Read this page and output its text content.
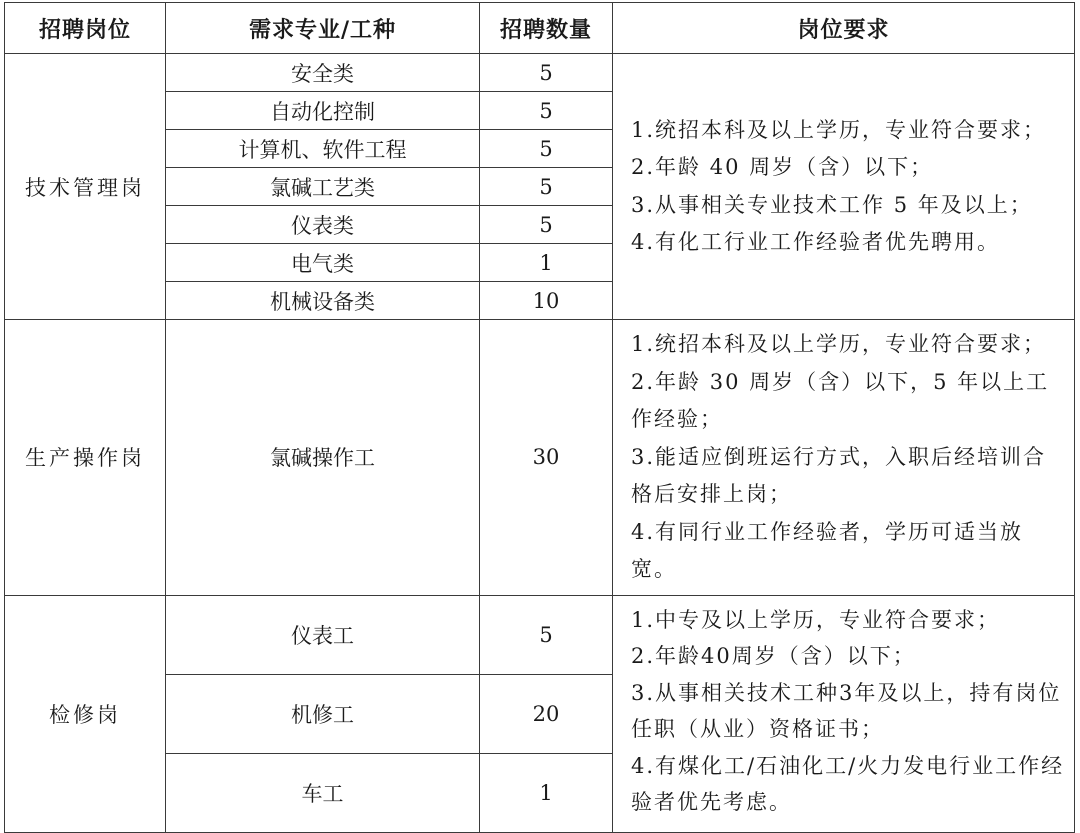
招聘岗位	需求专业/工种	招聘数量	岗位要求
技术管理岗	安全类	5	1.统招本科及以上学历，专业符合要求；

2.年龄 40 周岁（含）以下；

3.从事相关专业技术工作 5 年及以上；

4.有化工行业工作经验者优先聘用。

	自动化控制	5	
	计算机、软件工程	5	
	氯碱工艺类	5	
	仪表类	5	
	电气类	1	
	机械设备类	10	
生产操作岗	氯碱操作工	30	1.统招本科及以上学历，专业符合要求；

2.年龄 30 周岁（含）以下，5 年以上工作经验；

3.能适应倒班运行方式，入职后经培训合格后安排上岗；

4.有同行业工作经验者，学历可适当放宽。

检修岗	仪表工	5	1.中专及以上学历，专业符合要求；

2.年龄40周岁（含）以下；

3.从事相关技术工种3年及以上，持有岗位任职（从业）资格证书；

4.有煤化工/石油化工/火力发电行业工作经验者优先考虑。

	机修工	20	
	车工	1	
